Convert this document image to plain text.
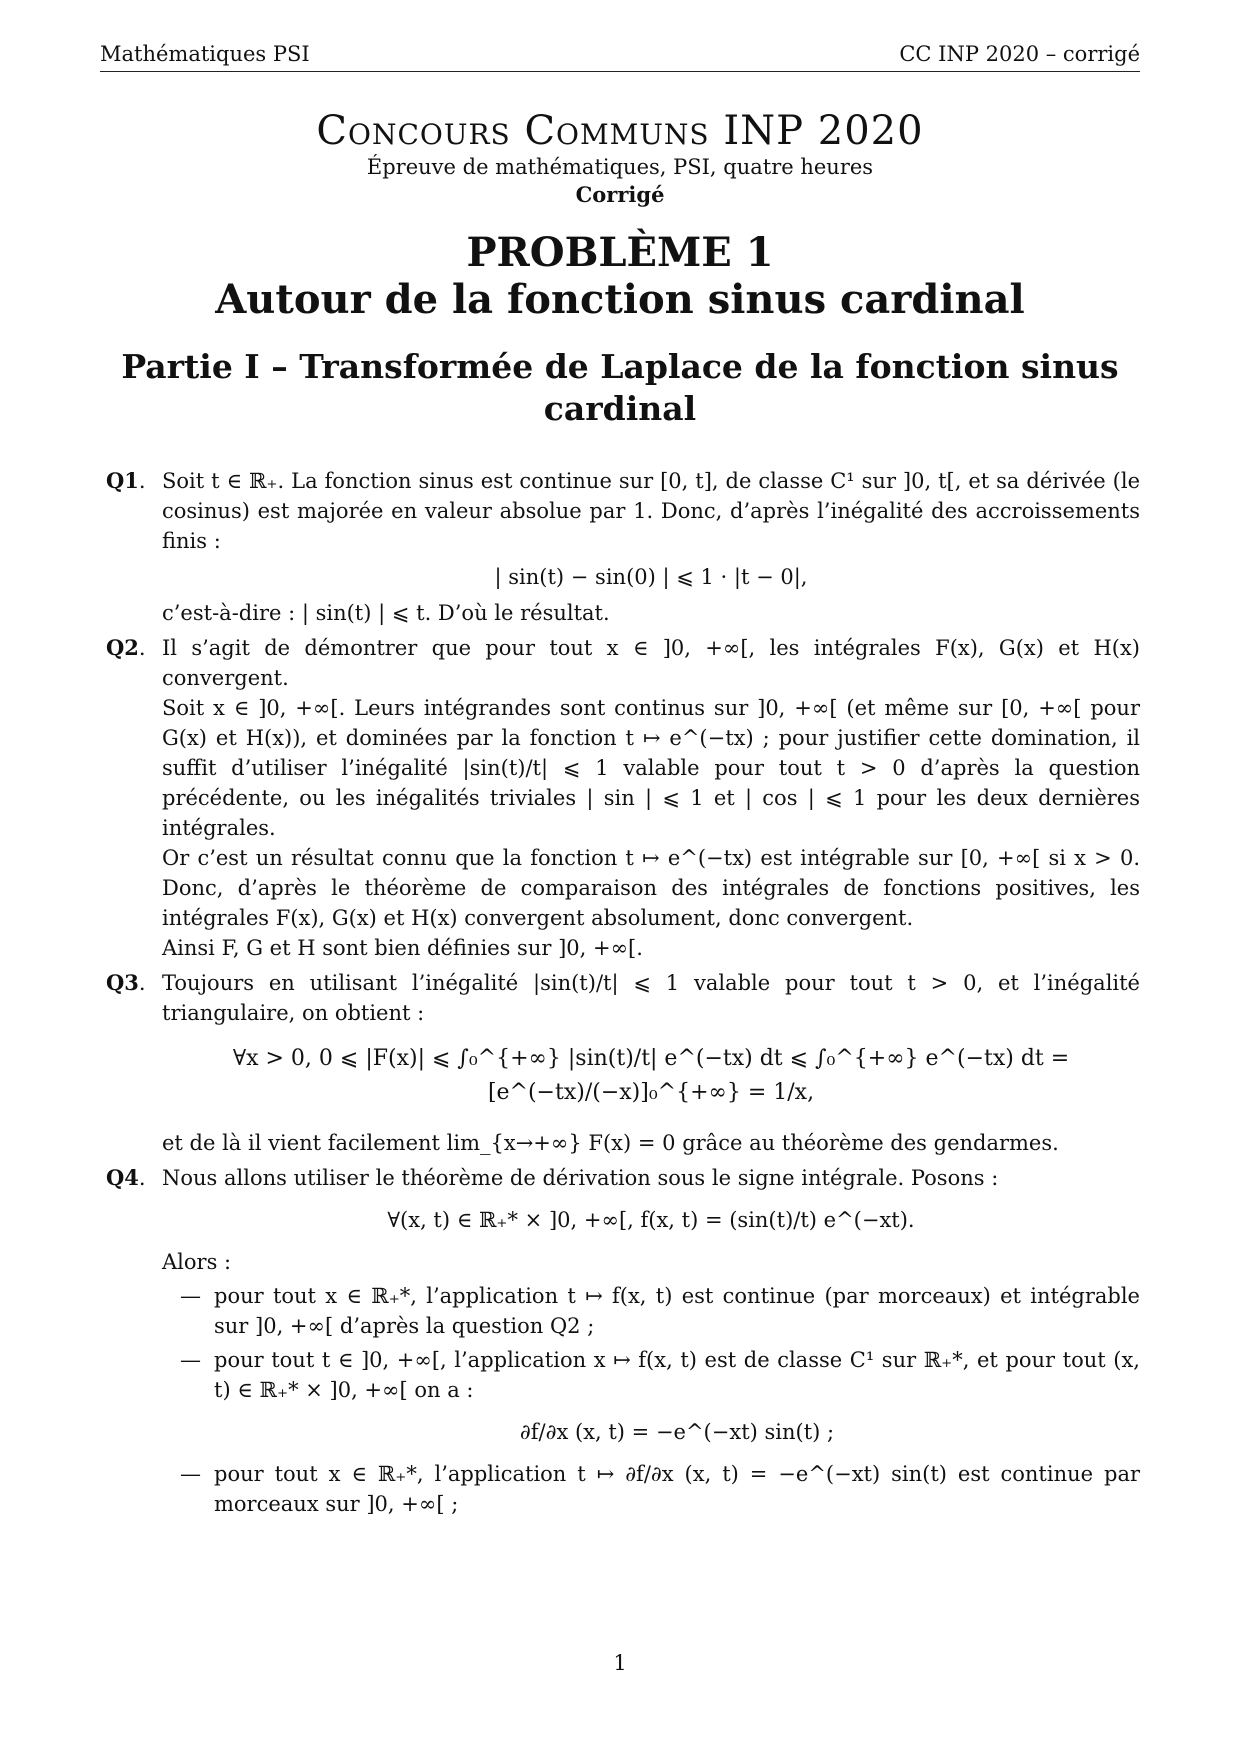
Mathématiques PSI	CC INP 2020 – corrigé
Concours Communs INP 2020
Épreuve de mathématiques, PSI, quatre heures
Corrigé
PROBLÈME 1
Autour de la fonction sinus cardinal
Partie I – Transformée de Laplace de la fonction sinus cardinal
Q1 .	Soit t ∈ ℝ₊. La fonction sinus est continue sur [0, t], de classe C¹ sur ]0, t[, et sa dérivée (le cosinus) est majorée en valeur absolue par 1. Donc, d’après l’inégalité des accroissements finis :

| sin(t) − sin(0) | ⩽ 1 · |t − 0|,

c’est-à-dire : | sin(t) | ⩽ t. D’où le résultat.

Q2 .	Il s’agit de démontrer que pour tout x ∈ ]0, +∞[, les intégrales F(x), G(x) et H(x) convergent.

Soit x ∈ ]0, +∞[. Leurs intégrandes sont continus sur ]0, +∞[ (et même sur [0, +∞[ pour G(x) et H(x)), et dominées par la fonction t ↦ e^(−tx) ; pour justifier cette domination, il suffit d’utiliser l’inégalité |sin(t)/t| ⩽ 1 valable pour tout t > 0 d’après la question précédente, ou les inégalités triviales | sin | ⩽ 1 et | cos | ⩽ 1 pour les deux dernières intégrales.

Or c’est un résultat connu que la fonction t ↦ e^(−tx) est intégrable sur [0, +∞[ si x > 0. Donc, d’après le théorème de comparaison des intégrales de fonctions positives, les intégrales F(x), G(x) et H(x) convergent absolument, donc convergent.

Ainsi F, G et H sont bien définies sur ]0, +∞[.

Q3 .	Toujours en utilisant l’inégalité |sin(t)/t| ⩽ 1 valable pour tout t > 0, et l’inégalité triangulaire, on obtient :

∀x > 0, 0 ⩽ |F(x)| ⩽ ∫₀^{+∞} |sin(t)/t| e^(−tx) dt ⩽ ∫₀^{+∞} e^(−tx) dt = [e^(−tx)/(−x)]₀^{+∞} = 1/x,

et de là il vient facilement lim_{x→+∞} F(x) = 0 grâce au théorème des gendarmes.

Q4 .	Nous allons utiliser le théorème de dérivation sous le signe intégrale. Posons :

∀(x, t) ∈ ℝ₊* × ]0, +∞[, f(x, t) = (sin(t)/t) e^(−xt).

Alors :

— pour tout x ∈ ℝ₊*, l’application t ↦ f(x, t) est continue (par morceaux) et intégrable sur ]0, +∞[ d’après la question Q2 ;
— pour tout t ∈ ]0, +∞[, l’application x ↦ f(x, t) est de classe C¹ sur ℝ₊*, et pour tout (x, t) ∈ ℝ₊* × ]0, +∞[ on a :
∂f/∂x (x, t) = −e^(−xt) sin(t) ;
— pour tout x ∈ ℝ₊*, l’application t ↦ ∂f/∂x (x, t) = −e^(−xt) sin(t) est continue par morceaux sur ]0, +∞[ ;
1
